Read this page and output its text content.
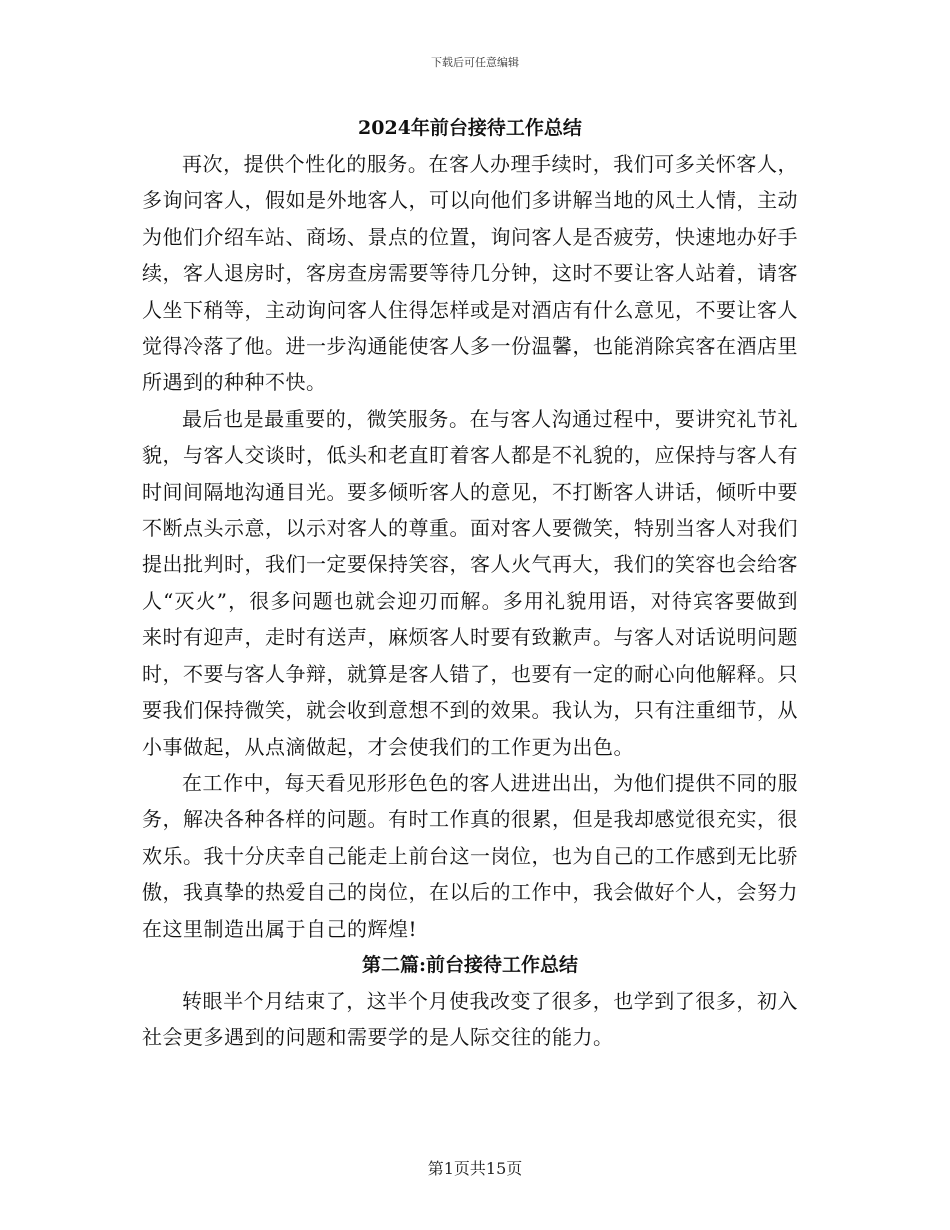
下载后可任意编辑
2024年前台接待工作总结

再次，提供个性化的服务。在客人办理手续时，我们可多关怀客人，多询问客人，假如是外地客人，可以向他们多讲解当地的风土人情，主动为他们介绍车站、商场、景点的位置，询问客人是否疲劳，快速地办好手续，客人退房时，客房查房需要等待几分钟，这时不要让客人站着，请客人坐下稍等，主动询问客人住得怎样或是对酒店有什么意见，不要让客人觉得冷落了他。进一步沟通能使客人多一份温馨，也能消除宾客在酒店里所遇到的种种不快。

最后也是最重要的，微笑服务。在与客人沟通过程中，要讲究礼节礼貌，与客人交谈时，低头和老直盯着客人都是不礼貌的，应保持与客人有时间间隔地沟通目光。要多倾听客人的意见，不打断客人讲话，倾听中要不断点头示意，以示对客人的尊重。面对客人要微笑，特别当客人对我们提出批判时，我们一定要保持笑容，客人火气再大，我们的笑容也会给客人“灭火”，很多问题也就会迎刃而解。多用礼貌用语，对待宾客要做到来时有迎声，走时有送声，麻烦客人时要有致歉声。与客人对话说明问题时，不要与客人争辩，就算是客人错了，也要有一定的耐心向他解释。只要我们保持微笑，就会收到意想不到的效果。我认为，只有注重细节，从小事做起，从点滴做起，才会使我们的工作更为出色。

在工作中，每天看见形形色色的客人进进出出，为他们提供不同的服务，解决各种各样的问题。有时工作真的很累，但是我却感觉很充实，很欢乐。我十分庆幸自己能走上前台这一岗位，也为自己的工作感到无比骄傲，我真挚的热爱自己的岗位，在以后的工作中，我会做好个人，会努力在这里制造出属于自己的辉煌!

第二篇:前台接待工作总结

转眼半个月结束了，这半个月使我改变了很多，也学到了很多，初入社会更多遇到的问题和需要学的是人际交往的能力。

第1页共15页
